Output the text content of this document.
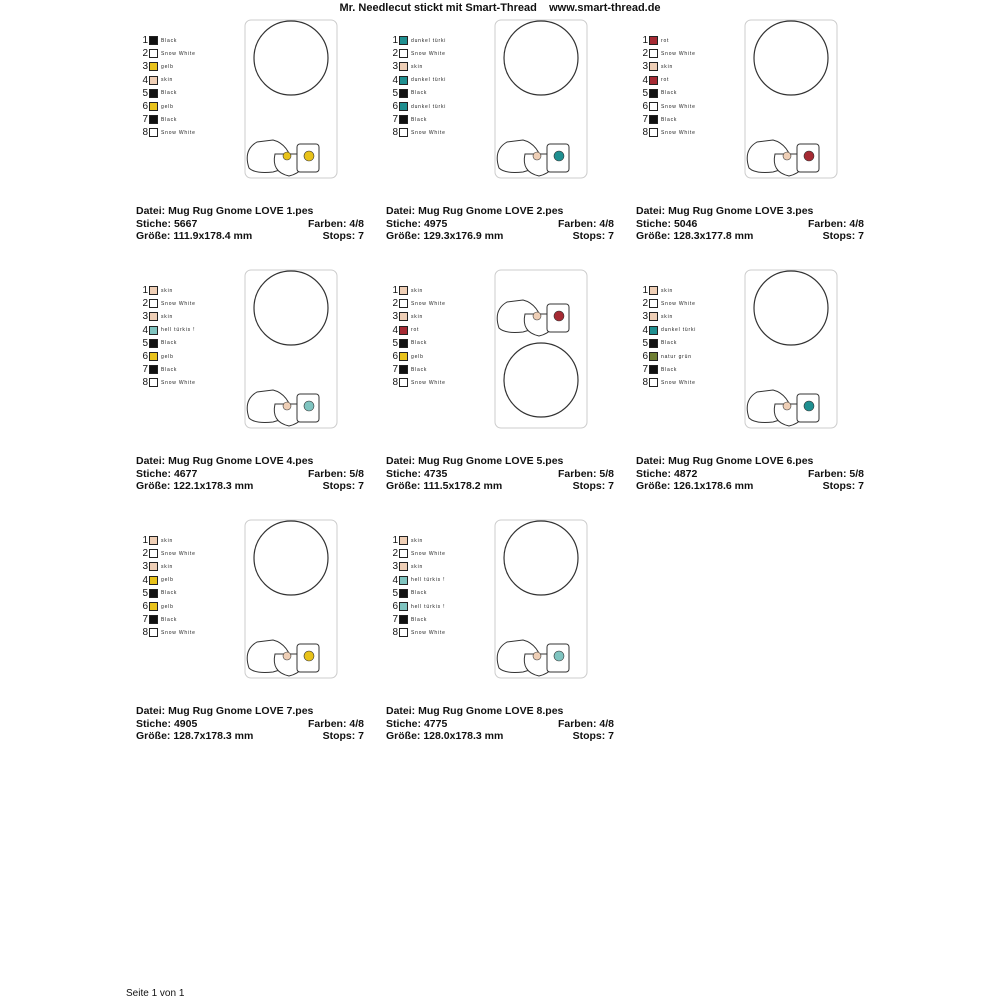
Mr. Needlecut stickt mit Smart-Thread    www.smart-thread.de
1	Black
2	Snow White
3	gelb
4	skin
5	Black
6	gelb
7	Black
8	Snow White
Datei: Mug Rug Gnome LOVE 1.pes
Stiche: 5667	Farben: 4/8
Größe: 111.9x178.4 mm	Stops: 7
1	dunkel türki
2	Snow White
3	skin
4	dunkel türki
5	Black
6	dunkel türki
7	Black
8	Snow White
Datei: Mug Rug Gnome LOVE 2.pes
Stiche: 4975	Farben: 4/8
Größe: 129.3x176.9 mm	Stops: 7
1	rot
2	Snow White
3	skin
4	rot
5	Black
6	Snow White
7	Black
8	Snow White
Datei: Mug Rug Gnome LOVE 3.pes
Stiche: 5046	Farben: 4/8
Größe: 128.3x177.8 mm	Stops: 7
1	skin
2	Snow White
3	skin
4	hell türkis !
5	Black
6	gelb
7	Black
8	Snow White
Datei: Mug Rug Gnome LOVE 4.pes
Stiche: 4677	Farben: 5/8
Größe: 122.1x178.3 mm	Stops: 7
1	skin
2	Snow White
3	skin
4	rot
5	Black
6	gelb
7	Black
8	Snow White
Datei: Mug Rug Gnome LOVE 5.pes
Stiche: 4735	Farben: 5/8
Größe: 111.5x178.2 mm	Stops: 7
1	skin
2	Snow White
3	skin
4	dunkel türki
5	Black
6	natur grün
7	Black
8	Snow White
Datei: Mug Rug Gnome LOVE 6.pes
Stiche: 4872	Farben: 5/8
Größe: 126.1x178.6 mm	Stops: 7
1	skin
2	Snow White
3	skin
4	gelb
5	Black
6	gelb
7	Black
8	Snow White
Datei: Mug Rug Gnome LOVE 7.pes
Stiche: 4905	Farben: 4/8
Größe: 128.7x178.3 mm	Stops: 7
1	skin
2	Snow White
3	skin
4	hell türkis !
5	Black
6	hell türkis !
7	Black
8	Snow White
Datei: Mug Rug Gnome LOVE 8.pes
Stiche: 4775	Farben: 4/8
Größe: 128.0x178.3 mm	Stops: 7
Seite 1 von 1
